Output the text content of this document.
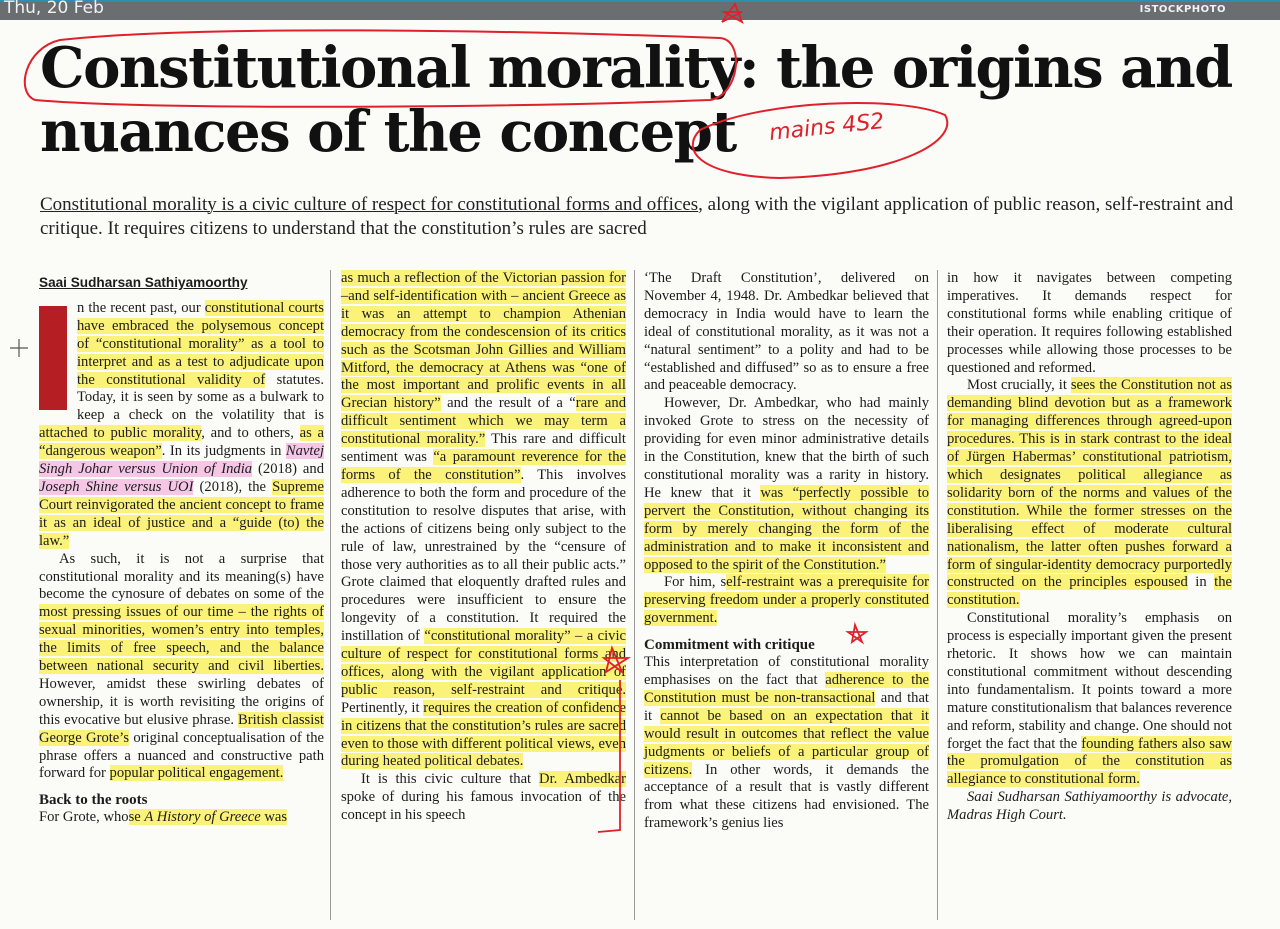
Thu, 20 Feb	ISTOCKPHOTO
Constitutional morality: the origins and nuances of the concept

Constitutional morality is a civic culture of respect for constitutional forms and offices, along with the vigilant application of public reason, self-restraint and critique. It requires citizens to understand that the constitution’s rules are sacred

Saai Sudharsan Sathiyamoorthy

n the recent past, our constitutional courts have embraced the polysemous concept of “constitutional morality” as a tool to interpret and as a test to adjudicate upon the constitutional validity of statutes. Today, it is seen by some as a bulwark to keep a check on the volatility that is attached to public morality, and to others, as a “dangerous weapon”. In its judgments in Navtej Singh Johar versus Union of India (2018) and Joseph Shine versus UOI (2018), the Supreme Court reinvigorated the ancient concept to frame it as an ideal of justice and a “guide (to) the law.”

As such, it is not a surprise that constitutional morality and its meaning(s) have become the cynosure of debates on some of the most pressing issues of our time – the rights of sexual minorities, women’s entry into temples, the limits of free speech, and the balance between national security and civil liberties. However, amidst these swirling debates of ownership, it is worth revisiting the origins of this evocative but elusive phrase. British classist George Grote’s original conceptualisation of the phrase offers a nuanced and constructive path forward for popular political engagement.

Back to the roots

For Grote, whose A History of Greece was

as much a reflection of the Victorian passion for –and self-identification with – ancient Greece as it was an attempt to champion Athenian democracy from the condescension of its critics such as the Scotsman John Gillies and William Mitford, the democracy at Athens was “one of the most important and prolific events in all Grecian history” and the result of a “rare and difficult sentiment which we may term a constitutional morality.” This rare and difficult sentiment was “a paramount reverence for the forms of the constitution”. This involves adherence to both the form and procedure of the constitution to resolve disputes that arise, with the actions of citizens being only subject to the rule of law, unrestrained by the “censure of those very authorities as to all their public acts.” Grote claimed that eloquently drafted rules and procedures were insufficient to ensure the longevity of a constitution. It required the instillation of “constitutional morality” – a civic culture of respect for constitutional forms and offices, along with the vigilant application of public reason, self-restraint and critique. Pertinently, it requires the creation of confidence in citizens that the constitution’s rules are sacred even to those with different political views, even during heated political debates.

It is this civic culture that Dr. Ambedkar spoke of during his famous invocation of the concept in his speech

‘The Draft Constitution’, delivered on November 4, 1948. Dr. Ambedkar believed that democracy in India would have to learn the ideal of constitutional morality, as it was not a “natural sentiment” to a polity and had to be “established and diffused” so as to ensure a free and peaceable democracy.

However, Dr. Ambedkar, who had mainly invoked Grote to stress on the necessity of providing for even minor administrative details in the Constitution, knew that the birth of such constitutional morality was a rarity in history. He knew that it was “perfectly possible to pervert the Constitution, without changing its form by merely changing the form of the administration and to make it inconsistent and opposed to the spirit of the Constitution.”

For him, self-restraint was a prerequisite for preserving freedom under a properly constituted government.

Commitment with critique

This interpretation of constitutional morality emphasises on the fact that adherence to the Constitution must be non-transactional and that it cannot be based on an expectation that it would result in outcomes that reflect the value judgments or beliefs of a particular group of citizens. In other words, it demands the acceptance of a result that is vastly different from what these citizens had envisioned. The framework’s genius lies

in how it navigates between competing imperatives. It demands respect for constitutional forms while enabling critique of their operation. It requires following established processes while allowing those processes to be questioned and reformed.

Most crucially, it sees the Constitution not as demanding blind devotion but as a framework for managing differences through agreed-upon procedures. This is in stark contrast to the ideal of Jürgen Habermas’ constitutional patriotism, which designates political allegiance as solidarity born of the norms and values of the constitution. While the former stresses on the liberalising effect of moderate cultural nationalism, the latter often pushes forward a form of singular-identity democracy purportedly constructed on the principles espoused in the constitution.

Constitutional morality’s emphasis on process is especially important given the present rhetoric. It shows how we can maintain constitutional commitment without descending into fundamentalism. It points toward a more mature constitutionalism that balances reverence and reform, stability and change. One should not forget the fact that the founding fathers also saw the promulgation of the constitution as allegiance to constitutional form.

Saai Sudharsan Sathiyamoorthy is advocate, Madras High Court.

mains 4S2
